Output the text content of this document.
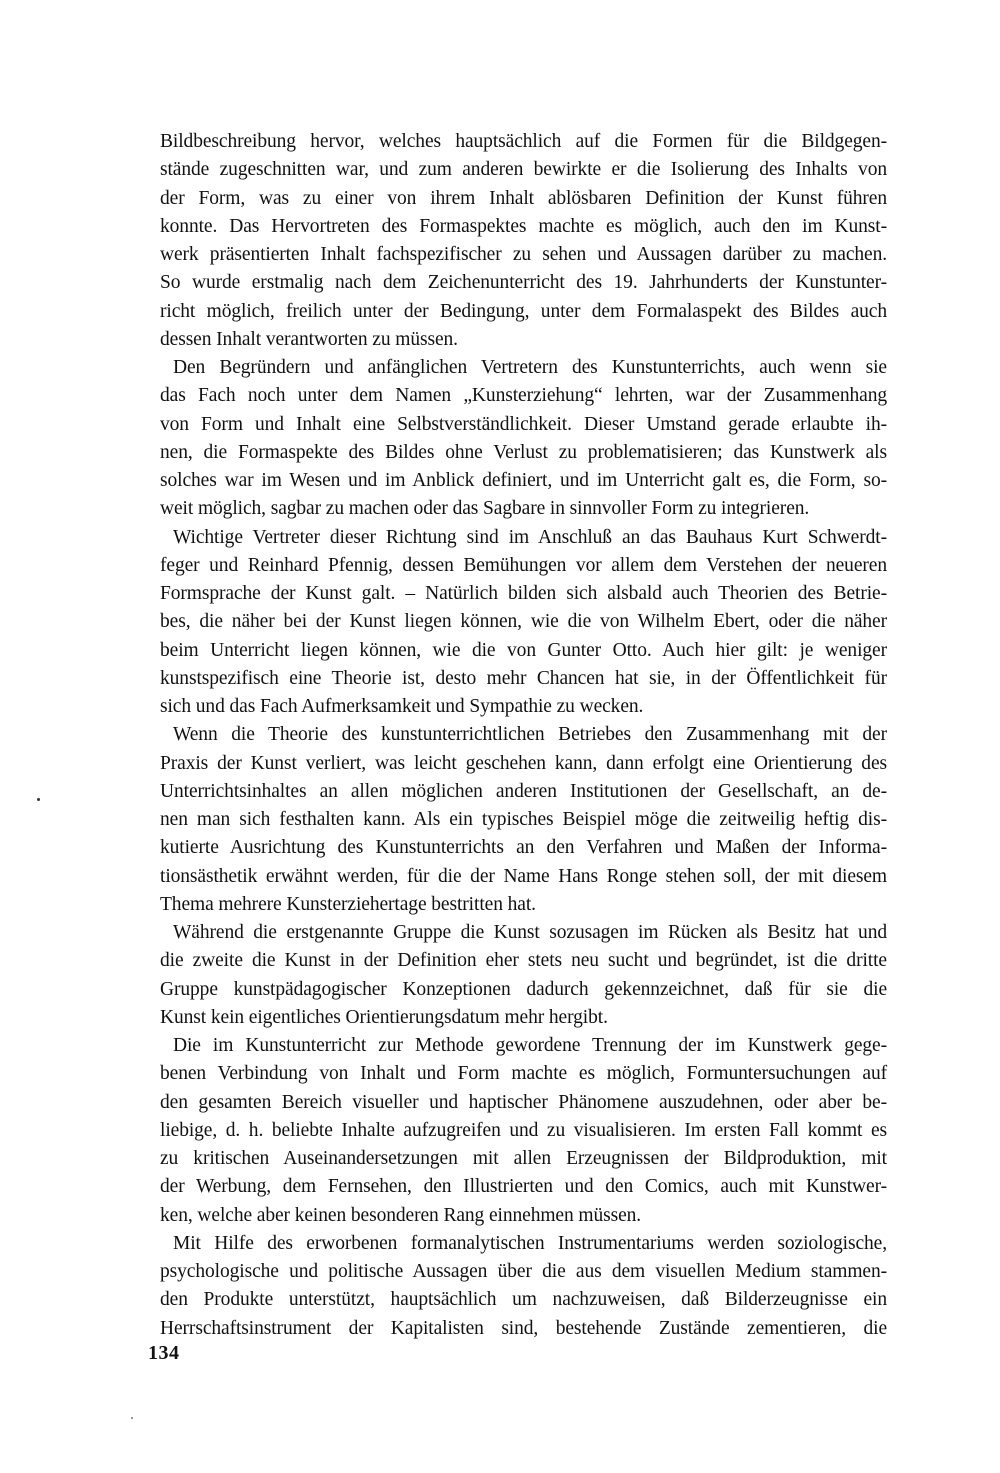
Bildbeschreibung hervor, welches hauptsächlich auf die Formen für die Bildgegen-
stände zugeschnitten war, und zum anderen bewirkte er die Isolierung des Inhalts von
der Form, was zu einer von ihrem Inhalt ablösbaren Definition der Kunst führen
konnte. Das Hervortreten des Formaspektes machte es möglich, auch den im Kunst-
werk präsentierten Inhalt fachspezifischer zu sehen und Aussagen darüber zu machen.
So wurde erstmalig nach dem Zeichenunterricht des 19. Jahrhunderts der Kunstunter-
richt möglich, freilich unter der Bedingung, unter dem Formalaspekt des Bildes auch
dessen Inhalt verantworten zu müssen.
Den Begründern und anfänglichen Vertretern des Kunstunterrichts, auch wenn sie
das Fach noch unter dem Namen „Kunsterziehung“ lehrten, war der Zusammenhang
von Form und Inhalt eine Selbstverständlichkeit. Dieser Umstand gerade erlaubte ih-
nen, die Formaspekte des Bildes ohne Verlust zu problematisieren; das Kunstwerk als
solches war im Wesen und im Anblick definiert, und im Unterricht galt es, die Form, so-
weit möglich, sagbar zu machen oder das Sagbare in sinnvoller Form zu integrieren.
Wichtige Vertreter dieser Richtung sind im Anschluß an das Bauhaus Kurt Schwerdt-
feger und Reinhard Pfennig, dessen Bemühungen vor allem dem Verstehen der neueren
Formsprache der Kunst galt. – Natürlich bilden sich alsbald auch Theorien des Betrie-
bes, die näher bei der Kunst liegen können, wie die von Wilhelm Ebert, oder die näher
beim Unterricht liegen können, wie die von Gunter Otto. Auch hier gilt: je weniger
kunstspezifisch eine Theorie ist, desto mehr Chancen hat sie, in der Öffentlichkeit für
sich und das Fach Aufmerksamkeit und Sympathie zu wecken.
Wenn die Theorie des kunstunterrichtlichen Betriebes den Zusammenhang mit der
Praxis der Kunst verliert, was leicht geschehen kann, dann erfolgt eine Orientierung des
Unterrichtsinhaltes an allen möglichen anderen Institutionen der Gesellschaft, an de-
nen man sich festhalten kann. Als ein typisches Beispiel möge die zeitweilig heftig dis-
kutierte Ausrichtung des Kunstunterrichts an den Verfahren und Maßen der Informa-
tionsästhetik erwähnt werden, für die der Name Hans Ronge stehen soll, der mit diesem
Thema mehrere Kunsterziehertage bestritten hat.
Während die erstgenannte Gruppe die Kunst sozusagen im Rücken als Besitz hat und
die zweite die Kunst in der Definition eher stets neu sucht und begründet, ist die dritte
Gruppe kunstpädagogischer Konzeptionen dadurch gekennzeichnet, daß für sie die
Kunst kein eigentliches Orientierungsdatum mehr hergibt.
Die im Kunstunterricht zur Methode gewordene Trennung der im Kunstwerk gege-
benen Verbindung von Inhalt und Form machte es möglich, Formuntersuchungen auf
den gesamten Bereich visueller und haptischer Phänomene auszudehnen, oder aber be-
liebige, d. h. beliebte Inhalte aufzugreifen und zu visualisieren. Im ersten Fall kommt es
zu kritischen Auseinandersetzungen mit allen Erzeugnissen der Bildproduktion, mit
der Werbung, dem Fernsehen, den Illustrierten und den Comics, auch mit Kunstwer-
ken, welche aber keinen besonderen Rang einnehmen müssen.
Mit Hilfe des erworbenen formanalytischen Instrumentariums werden soziologische,
psychologische und politische Aussagen über die aus dem visuellen Medium stammen-
den Produkte unterstützt, hauptsächlich um nachzuweisen, daß Bilderzeugnisse ein
Herrschaftsinstrument der Kapitalisten sind, bestehende Zustände zementieren, die
134
